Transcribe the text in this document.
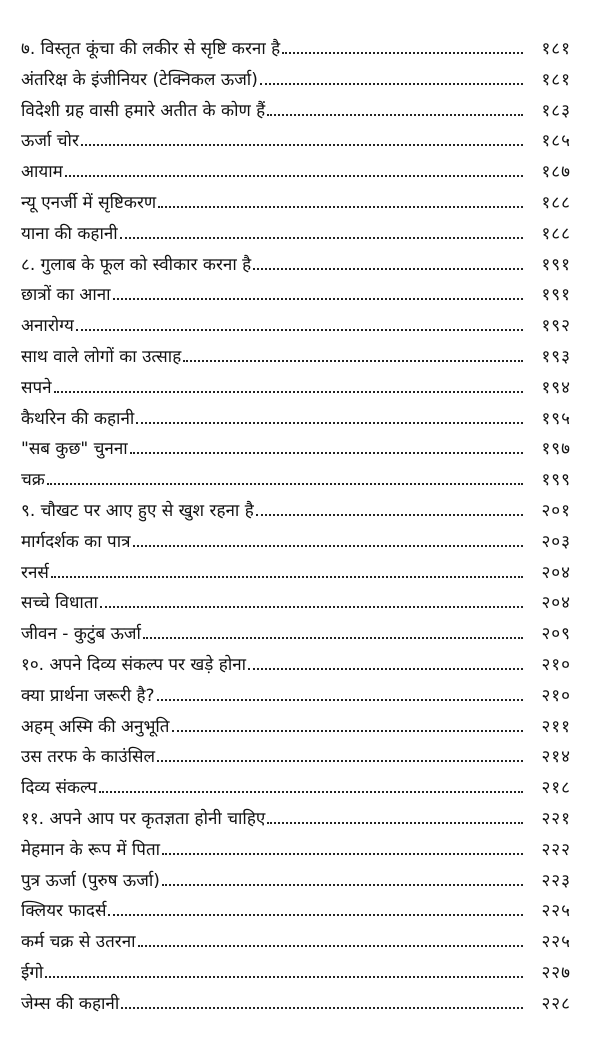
७. विस्तृत कूंचा की लकीर से सृष्टि करना है	१८१
अंतरिक्ष के इंजीनियर (टेक्निकल ऊर्जा)	१८१
विदेशी ग्रह वासी हमारे अतीत के कोण हैं	१८३
ऊर्जा चोर	१८५
आयाम	१८७
न्यू एनर्जी में सृष्टिकरण	१८८
याना की कहानी	१८८
८. गुलाब के फूल को स्वीकार करना है	१९१
छात्रों का आना	१९१
अनारोग्य	१९२
साथ वाले लोगों का उत्साह	१९३
सपने	१९४
कैथरिन की कहानी	१९५
"सब कुछ" चुनना	१९७
चक्र	१९९
९. चौखट पर आए हुए से खुश रहना है	२०१
मार्गदर्शक का पात्र	२०३
रनर्स	२०४
सच्चे विधाता	२०४
जीवन - कुटुंब ऊर्जा	२०९
१०. अपने दिव्य संकल्प पर खड़े होना	२१०
क्या प्रार्थना जरूरी है?	२१०
अहम् अस्मि की अनुभूति	२११
उस तरफ के काउंसिल	२१४
दिव्य संकल्प	२१८
११. अपने आप पर कृतज्ञता होनी चाहिए	२२१
मेहमान के रूप में पिता	२२२
पुत्र ऊर्जा (पुरुष ऊर्जा)	२२३
क्लियर फादर्स	२२५
कर्म चक्र से उतरना	२२५
ईगो	२२७
जेम्स की कहानी	२२८
